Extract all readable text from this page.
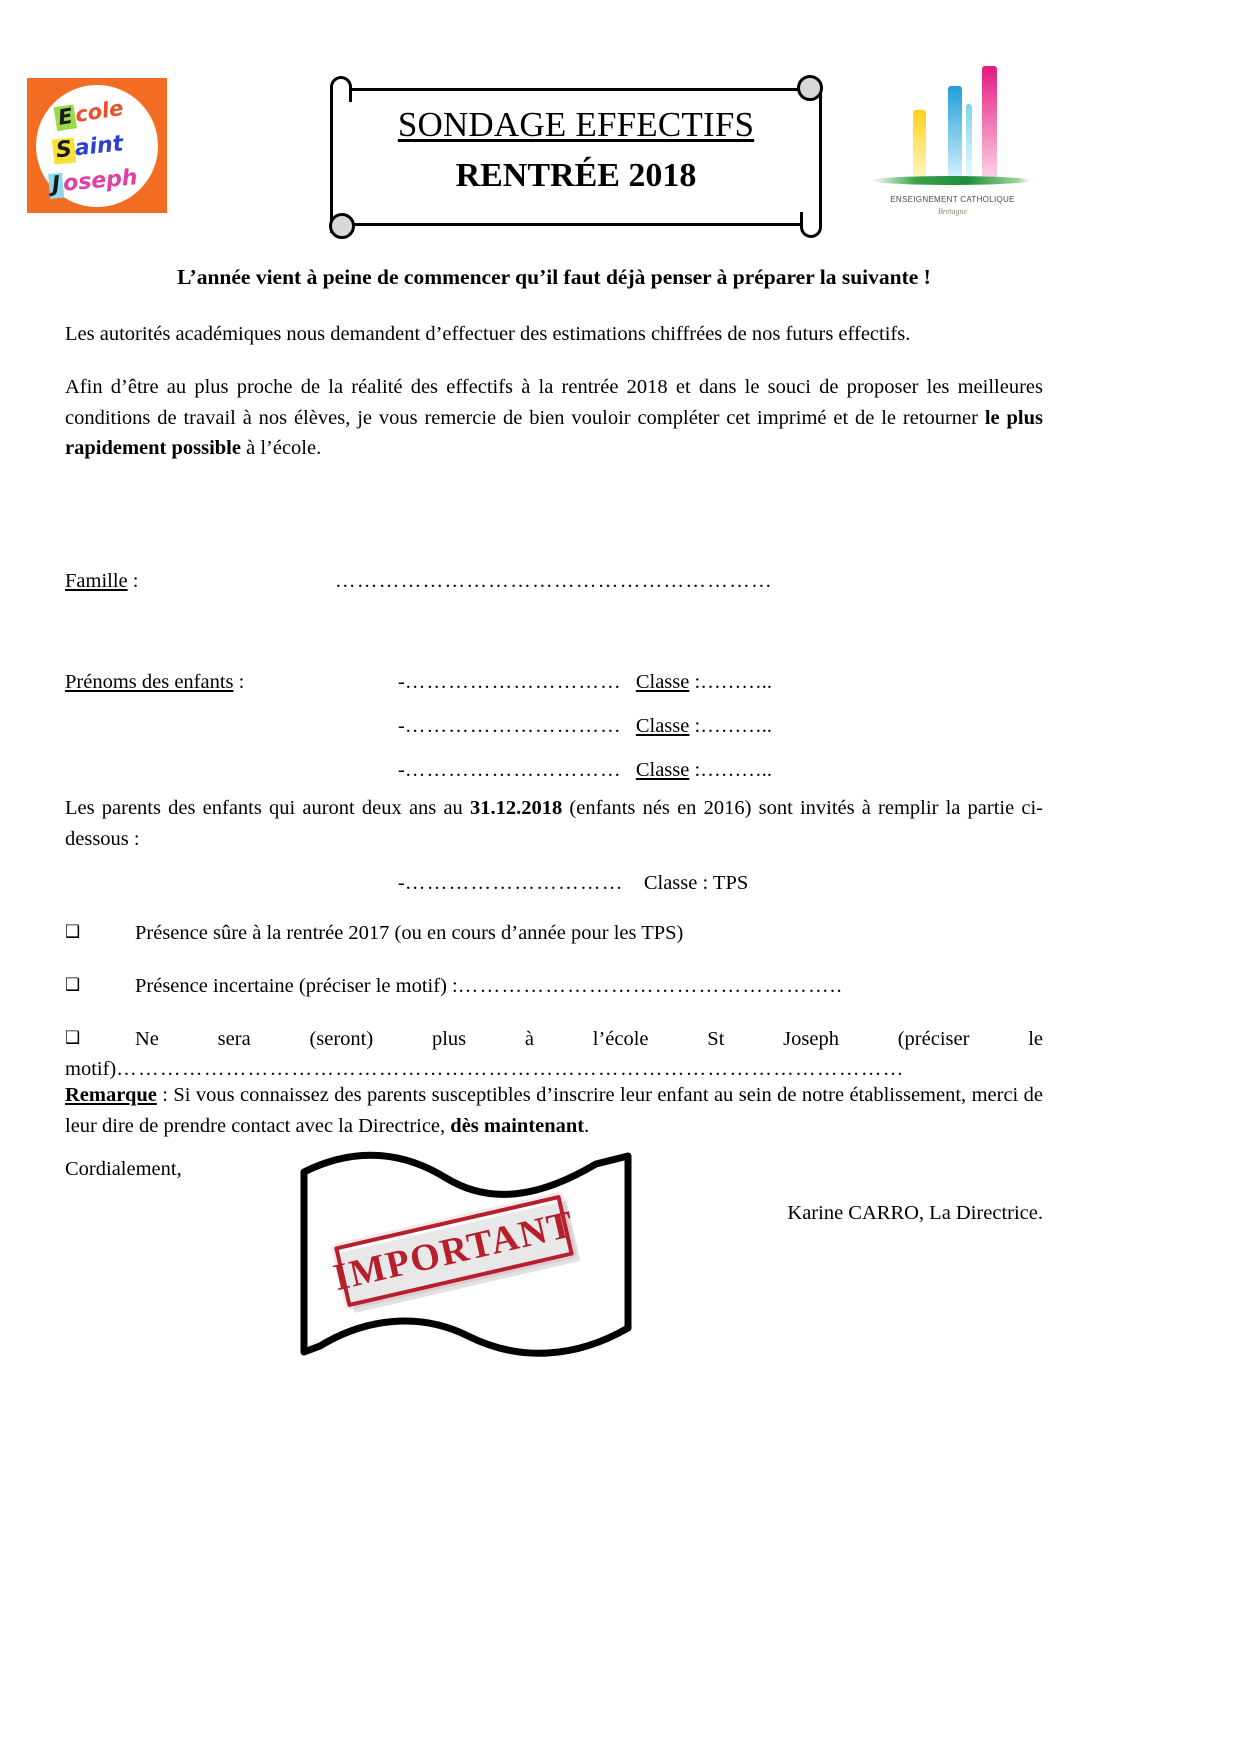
Ecole
Saint
Joseph
SONDAGE EFFECTIFS
RENTRÉE 2018
ENSEIGNEMENT CATHOLIQUE
Bretagne

L’année vient à peine de commencer qu’il faut déjà penser à préparer la suivante !

Les autorités académiques nous demandent d’effectuer des estimations chiffrées de nos futurs effectifs.

Afin d’être au plus proche de la réalité des effectifs à la rentrée 2018 et dans le souci de proposer les meilleures conditions de travail à nos élèves, je vous remercie de bien vouloir compléter cet imprimé et de le retourner le plus rapidement possible à l’école.

Famille :	……………………………………………………
Prénoms des enfants :	-………………………… Classe :………..
-………………………… Classe :………..
-………………………… Classe :………..
Les parents des enfants qui auront deux ans au 31.12.2018 (enfants nés en 2016) sont invités à remplir la partie ci-dessous :
-………………………… Classe : TPS
❑	Présence sûre à la rentrée 2017 (ou en cours d’année pour les TPS)
❑	Présence incertaine (préciser le motif) :……………………………………………..
❑	Ne sera (seront) plus à l’école St Joseph (préciser le motif)………………………………………………………………………………………………
Remarque : Si vous connaissez des parents susceptibles d’inscrire leur enfant au sein de notre établissement, merci de leur dire de prendre contact avec la Directrice, dès maintenant.
Cordialement,
Karine CARRO, La Directrice.
IMPORTANT
